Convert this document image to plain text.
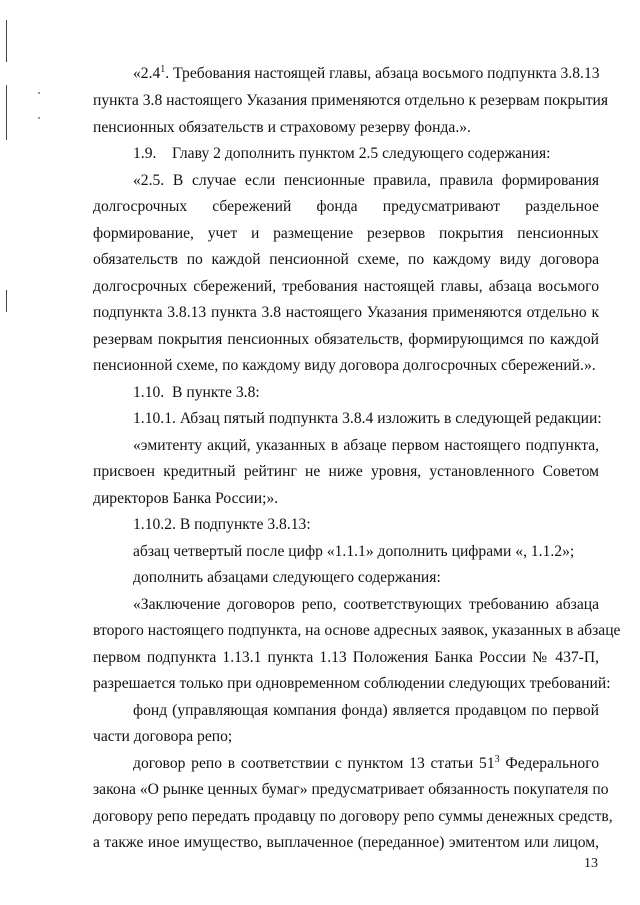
«$2.4^1$. Требования настоящей главы, абзаца восьмого подпункта 3.8.13
пункта 3.8 настоящего Указания применяются отдельно к резервам покрытия
пенсионных обязательств и страховому резерву фонда.».
1.9. Главу 2 дополнить пунктом 2.5 следующего содержания:
«2.5. В случае если пенсионные правила, правила формирования
долгосрочных сбережений фонда предусматривают раздельное
формирование, учет и размещение резервов покрытия пенсионных
обязательств по каждой пенсионной схеме, по каждому виду договора
долгосрочных сбережений, требования настоящей главы, абзаца восьмого
подпункта 3.8.13 пункта 3.8 настоящего Указания применяются отдельно к
резервам покрытия пенсионных обязательств, формирующимся по каждой
пенсионной схеме, по каждому виду договора долгосрочных сбережений.».
1.10. В пункте 3.8:
1.10.1. Абзац пятый подпункта 3.8.4 изложить в следующей редакции:
«эмитенту акций, указанных в абзаце первом настоящего подпункта,
присвоен кредитный рейтинг не ниже уровня, установленного Советом
директоров Банка России;».
1.10.2. В подпункте 3.8.13:
абзац четвертый после цифр «1.1.1» дополнить цифрами «, 1.1.2»;
дополнить абзацами следующего содержания:
«Заключение договоров репо, соответствующих требованию абзаца
второго настоящего подпункта, на основе адресных заявок, указанных в абзаце
первом подпункта 1.13.1 пункта 1.13 Положения Банка России № 437-П,
разрешается только при одновременном соблюдении следующих требований:
фонд (управляющая компания фонда) является продавцом по первой
части договора репо;
договор репо в соответствии с пунктом 13 статьи $51^3$ Федерального
закона «О рынке ценных бумаг» предусматривает обязанность покупателя по
договору репо передать продавцу по договору репо суммы денежных средств,
а также иное имущество, выплаченное (переданное) эмитентом или лицом,
13
